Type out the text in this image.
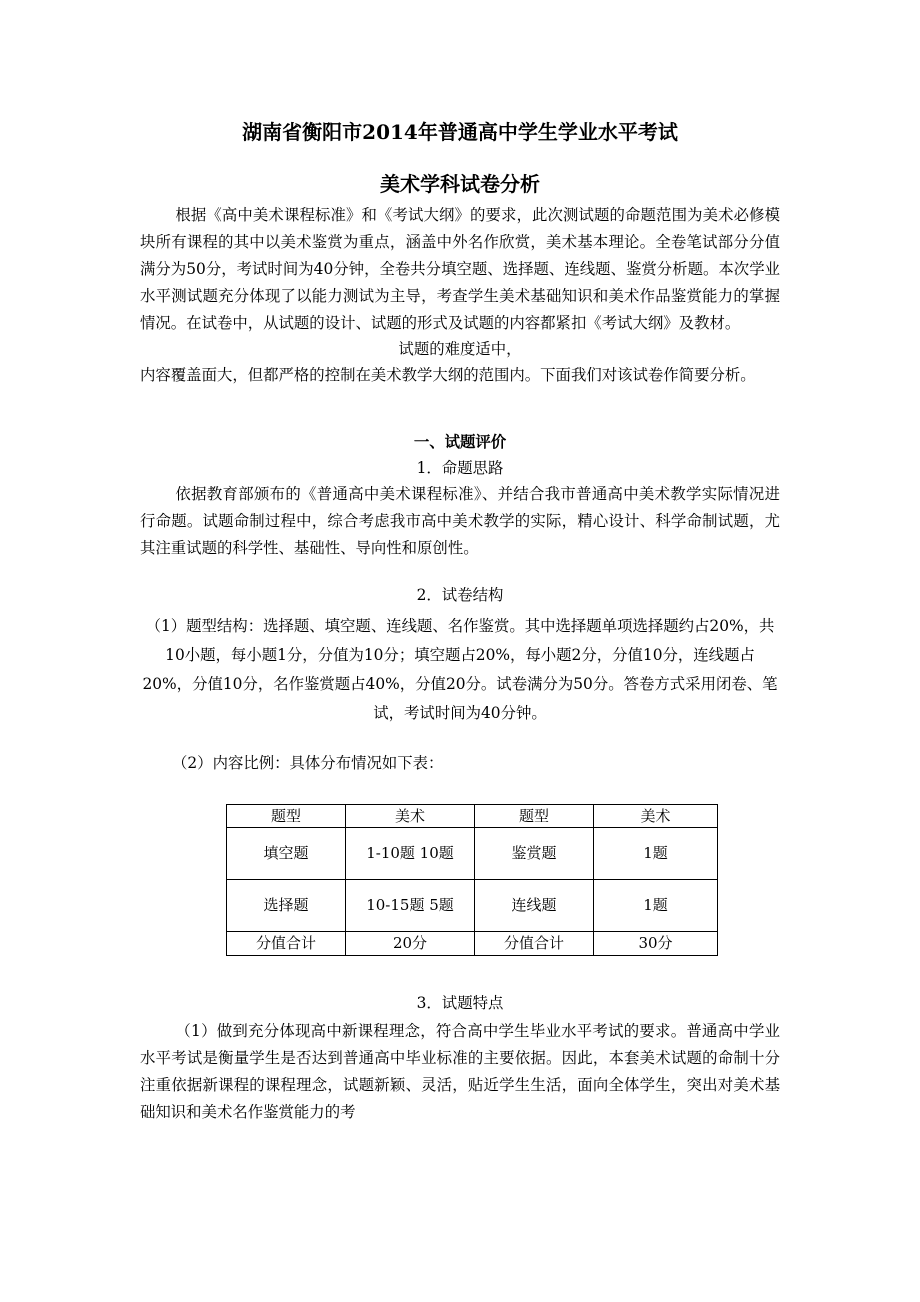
湖南省衡阳市2014年普通高中学生学业水平考试
美术学科试卷分析

根据《高中美术课程标准》和《考试大纲》的要求，此次测试题的命题范围为美术必修模块所有课程的其中以美术鉴赏为重点，涵盖中外名作欣赏，美术基本理论。全卷笔试部分分值满分为50分，考试时间为40分钟，全卷共分填空题、选择题、连线题、鉴赏分析题。本次学业水平测试题充分体现了以能力测试为主导，考查学生美术基础知识和美术作品鉴赏能力的掌握情况。在试卷中，从试题的设计、试题的形式及试题的内容都紧扣《考试大纲》及教材。

试题的难度适中，

内容覆盖面大，但都严格的控制在美术教学大纲的范围内。下面我们对该试卷作简要分析。

一、试题评价

1．命题思路

依据教育部颁布的《普通高中美术课程标准》、并结合我市普通高中美术教学实际情况进行命题。试题命制过程中，综合考虑我市高中美术教学的实际，精心设计、科学命制试题，尤其注重试题的科学性、基础性、导向性和原创性。

2．试卷结构

（1）题型结构：选择题、填空题、连线题、名作鉴赏。其中选择题单项选择题约占20%，共10小题，每小题1分，分值为10分；填空题占20%，每小题2分，分值10分，连线题占20%，分值10分，名作鉴赏题占40%，分值20分。试卷满分为50分。答卷方式采用闭卷、笔试，考试时间为40分钟。

（2）内容比例：具体分布情况如下表：

题型	美术	题型	美术
填空题	1-10题 10题	鉴赏题	1题
选择题	10-15题 5题	连线题	1题
分值合计	20分	分值合计	30分

3．试题特点

（1）做到充分体现高中新课程理念，符合高中学生毕业水平考试的要求。普通高中学业水平考试是衡量学生是否达到普通高中毕业标准的主要依据。因此，本套美术试题的命制十分注重依据新课程的课程理念，试题新颖、灵活，贴近学生生活，面向全体学生，突出对美术基础知识和美术名作鉴赏能力的考
